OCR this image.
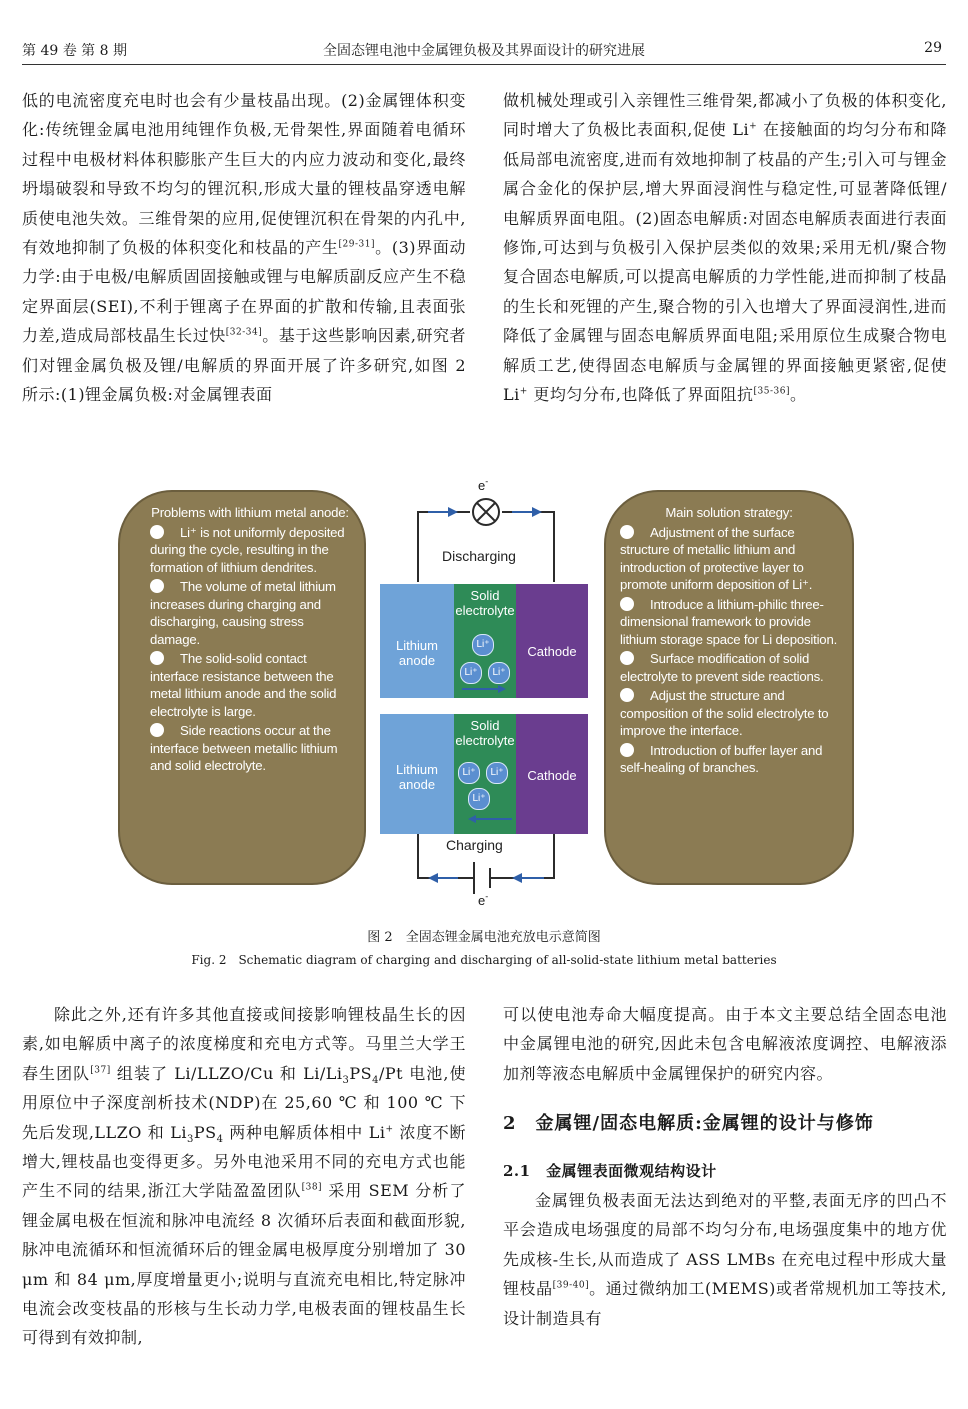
第 49 卷 第 8 期	全固态锂电池中金属锂负极及其界面设计的研究进展	29

低的电流密度充电时也会有少量枝晶出现。(2)金属锂体积变化:传统锂金属电池用纯锂作负极,无骨架性,界面随着电循环过程中电极材料体积膨胀产生巨大的内应力波动和变化,最终坍塌破裂和导致不均匀的锂沉积,形成大量的锂枝晶穿透电解质使电池失效。三维骨架的应用,促使锂沉积在骨架的内孔中,有效地抑制了负极的体积变化和枝晶的产生[29-31]。(3)界面动力学:由于电极/电解质固固接触或锂与电解质副反应产生不稳定界面层(SEI),不利于锂离子在界面的扩散和传输,且表面张力差,造成局部枝晶生长过快[32-34]。基于这些影响因素,研究者们对锂金属负极及锂/电解质的界面开展了许多研究,如图 2 所示:(1)锂金属负极:对金属锂表面

做机械处理或引入亲锂性三维骨架,都减小了负极的体积变化,同时增大了负极比表面积,促使 Li+ 在接触面的均匀分布和降低局部电流密度,进而有效地抑制了枝晶的产生;引入可与锂金属合金化的保护层,增大界面浸润性与稳定性,可显著降低锂/电解质界面电阻。(2)固态电解质:对固态电解质表面进行表面修饰,可达到与负极引入保护层类似的效果;采用无机/聚合物复合固态电解质,可以提高电解质的力学性能,进而抑制了枝晶的生长和死锂的产生,聚合物的引入也增大了界面浸润性,进而降低了金属锂与固态电解质界面电阻;采用原位生成聚合物电解质工艺,使得固态电解质与金属锂的界面接触更紧密,促使 Li+ 更均匀分布,也降低了界面阻抗[35-36]。

Problems with lithium metal anode:
Li⁺ is not uniformly deposited during the cycle, resulting in the formation of lithium dendrites.
The volume of metal lithium increases during charging and discharging, causing stress damage.
The solid-solid contact interface resistance between the metal lithium anode and the solid electrolyte is large.
Side reactions occur at the interface between metallic lithium and solid electrolyte.
Main solution strategy:
Adjustment of the surface structure of metallic lithium and introduction of protective layer to promote uniform deposition of Li⁺.
Introduce a lithium-philic three-dimensional framework to provide lithium storage space for Li deposition.
Surface modification of solid electrolyte to prevent side reactions.
Adjust the structure and composition of the solid electrolyte to improve the interface.
Introduction of buffer layer and self-healing of branches.
e-
e-
Discharging
Charging
Lithium anode
Solid electrolyte
Cathode
Li⁺
Li⁺	Li⁺
Lithium anode
Solid electrolyte
Cathode
Li⁺	Li⁺
Li⁺
图 2　全固态锂金属电池充放电示意简图
Fig. 2　Schematic diagram of charging and discharging of all-solid-state lithium metal batteries

除此之外,还有许多其他直接或间接影响锂枝晶生长的因素,如电解质中离子的浓度梯度和充电方式等。马里兰大学王春生团队[37] 组装了 Li/LLZO/Cu 和 $Li/Li_3PS_4/Pt$ 电池,使用原位中子深度剖析技术(NDP)在 25,60 ℃ 和 100 ℃ 下先后发现,LLZO 和 $Li_3PS_4$ 两种电解质体相中 Li+ 浓度不断增大,锂枝晶也变得更多。另外电池采用不同的充电方式也能产生不同的结果,浙江大学陆盈盈团队[38] 采用 SEM 分析了锂金属电极在恒流和脉冲电流经 8 次循环后表面和截面形貌,脉冲电流循环和恒流循环后的锂金属电极厚度分别增加了 30 μm 和 84 μm,厚度增量更小;说明与直流充电相比,特定脉冲电流会改变枝晶的形核与生长动力学,电极表面的锂枝晶生长可得到有效抑制,

可以使电池寿命大幅度提高。由于本文主要总结全固态电池中金属锂电池的研究,因此未包含电解液浓度调控、电解液添加剂等液态电解质中金属锂保护的研究内容。

2　金属锂/固态电解质:金属锂的设计与修饰

2.1　金属锂表面微观结构设计

金属锂负极表面无法达到绝对的平整,表面无序的凹凸不平会造成电场强度的局部不均匀分布,电场强度集中的地方优先成核-生长,从而造成了 ASS LMBs 在充电过程中形成大量锂枝晶[39-40]。通过微纳加工(MEMS)或者常规机加工等技术,设计制造具有
